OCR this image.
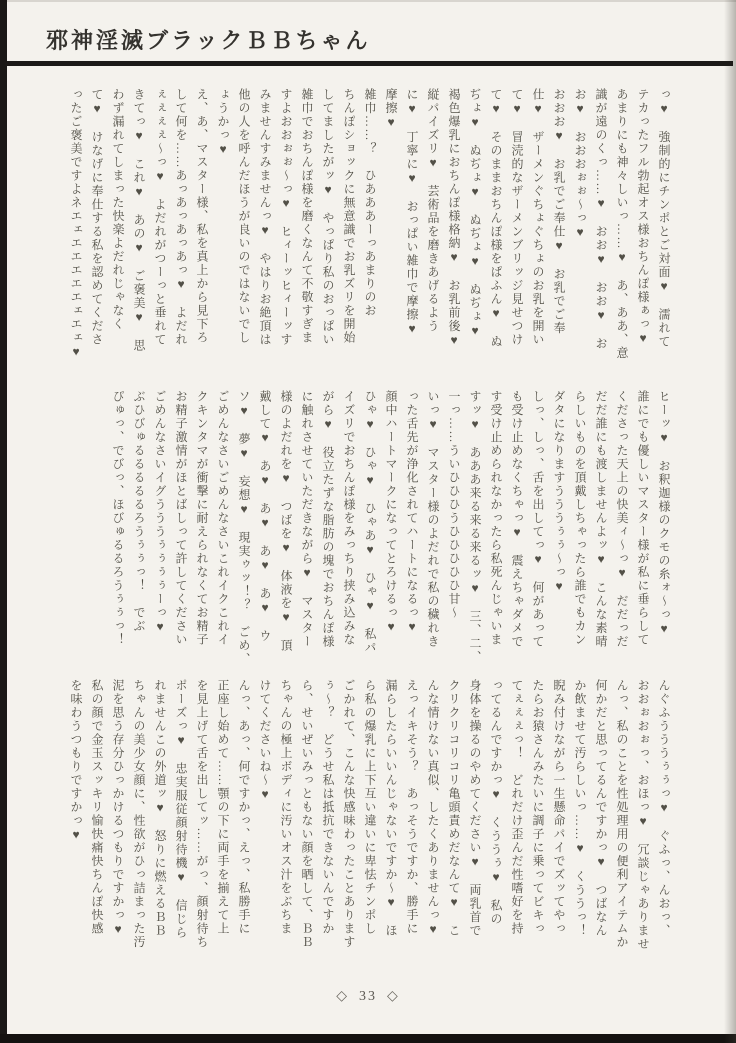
邪神淫滅ブラックＢＢちゃん
っ♥　強制的にチンポとご対面♥　濡れて
テカったフル勃起オス様おちんぽ様ぁっ♥
あまりにも神々しいっ……♥　あ、ああ、意
識が遠のくっ……♥　おお♥　おお♥　お
お♥　おおおぉぉ〜っ♥
おおお♥　お乳でご奉仕♥　お乳でご奉
仕♥　ザーメンぐちょぐちょのお乳を開い
て♥　冒涜的なザーメンブリッジ見せつけ
て♥　そのままおちんぽ様をぱふん♥　ぬ
ぢょ♥　ぬぢょ♥　ぬぢょ♥　ぬぢょ♥
褐色爆乳におちんぽ様格納♥　お乳前後♥
縦パイズリ♥　芸術品を磨きあげるよう
に♥　丁寧に♥　おっぱい雑巾で摩擦♥
摩擦♥
雑巾……？　ひあああーっあまりのお
ちんぽショックに無意識でお乳ズリを開始
してましたがッ♥　やっぱり私のおっぱい
雑巾でおちんぽ様を磨くなんて不敬すぎま
すよおおぉぉ〜っ♥　ヒィーッヒィーッす
みませんすみませんっ♥　やはりお絶頂は
他の人を呼んだほうが良いのではないでし
ょうかっ♥
え、あ、マスター様、私を真上から見下ろ
して何を……あっあっあっあっ♥　よだれ
ぇぇぇぇ〜っ♥　よだれがつーっと垂れて
きてっ♥　これ♥　あの♥　ご褒美♥　思
わず漏れてしまった快楽よだれじゃなく
て♥　けなげに奉仕する私を認めてくださ
ったご褒美ですよネエェエエエエエェエェ♥
ヒーッ♥　お釈迦様のクモの糸ォ〜っ♥
誰にでも優しいマスター様が私に垂らして
くださった天上の快美ィ〜っ♥　だだっだ
だだ誰にも渡しませんよッ♥　こんな素晴
らしいものを頂戴しちゃったら誰でもカン
ダタになりますうううぅぅ〜っ♥
しっ、しっ、舌を出してっ♥　何があって
も受け止めなくちゃっ♥　震えちゃダメで
す受け止められなかったら私死んじゃいま
すッ♥　あああ来る来る来るッ♥　三、二、
一っ……ういひひひうひひひひひ甘〜
いっ♥　マスター様のよだれで私の穢れき
った舌先が浄化されてハートになるっ♥
顔中ハートマークになってとろけるっ♥
ひゃ♥　ひゃ♥　ひゃあ♥　ひゃ♥　私パ
イズリでおちんぽ様をみっちり挟み込みな
がら♥　役立たずな脂肪の塊でおちんぽ様
に触れさせていただきながら♥　マスター
様のよだれを♥　つばを♥　体液を♥　頂
戴して♥　あ♥　あ♥　あ♥　あ♥　ウ
ソ♥　夢♥　妄想♥　現実ゥッ！？　ごめ、
ごめんなさいごめんなさいこれイクこれイ
クキンタマが衝撃に耐えられなくてお精子
お精子激情がほとばしって許してください
ごめんなさいイグうううぅぅぅぅーっ♥
ぶひびゅるるるるるろうぅぅっ！　でぶ
ぴゅっ、でびっ、ほびゅるるろうぅぅっ！
んぐふうううぅぅっ♥　ぐふっ、んおっ、
おおぉおぉっ、おほっ♥　冗談じゃありませ
んっ、私のことを性処理用の便利アイテムか
何かだと思ってるんですかっ♥　つばなん
か飲ませて汚らしいっ……♥　くううっ！
睨み付けながら一生懸命パイでズッてやっ
たらお猿さんみたいに調子に乗ってビキっ
てぇぇぇっ！　どれだけ歪んだ性嗜好を持
ってるんですかっ♥　くううぅ♥　私の
身体を操るのやめてください♥　両乳首で
クリクリコリコリ亀頭責めだなんて♥　こ
んな情けない真似、したくありませんっ♥
えっイキそう？　あっそうですか、勝手に
漏らしたらいいんじゃないですか〜♥　ほ
ら私の爆乳に上下互い違いに卑怯チンポし
ごかれて、こんな快感味わったことあります
ぅ〜？　どうせ私は抵抗できないんですか
ら、せいぜいみっともない顔を晒して、ＢＢ
ちゃんの極上ボディに汚いオス汁をぶちま
けてくださいね〜♥
んっ、あっ、何ですかっ、えっ、私勝手に
正座し始めて……顎の下に両手を揃えて上
を見上げて舌を出してッ……がっ、顔射待ち
ポーズっ♥　忠実服従顔射待機♥　信じら
れませんこの外道ッ♥　怒りに燃えるＢＢ
ちゃんの美少女顔に、性欲がひっ詰まった汚
泥を思う存分ひっかけるつもりですかっ♥
私の顔で金玉スッキリ愉快痛快ちんぽ快感
を味わうつもりですかっ♥
◇ 33 ◇
